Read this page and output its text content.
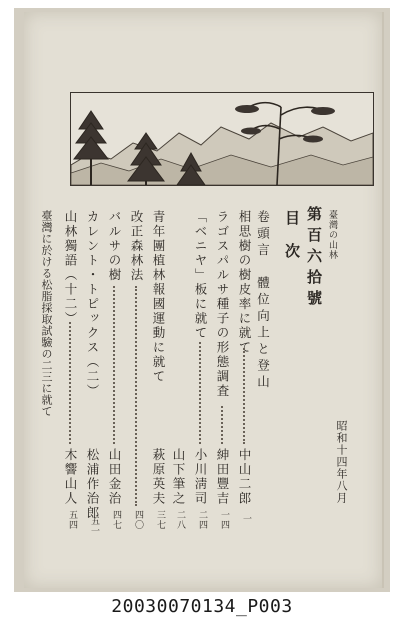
臺灣の山林
第百六拾號
昭和十四年八月
目次
卷頭言　體位向上と登山
相思樹の樹皮率に就て
中山二郎
一
ラゴスパルサ種子の形態調査
紳田豐吉
一四
「ベニヤ」板に就て
小川淸司
二四
山下筆之
二八
青年團植林報國運動に就て
萩原英夫
三七
改正森林法
四〇
バルサの樹
山田金治
四七
カレント・トピックス（二）
松浦作治郎
五一
山林獨語（十二）
木響山人
五四
臺灣に於ける松脂採取試驗の二三に就て
20030070134_P003
